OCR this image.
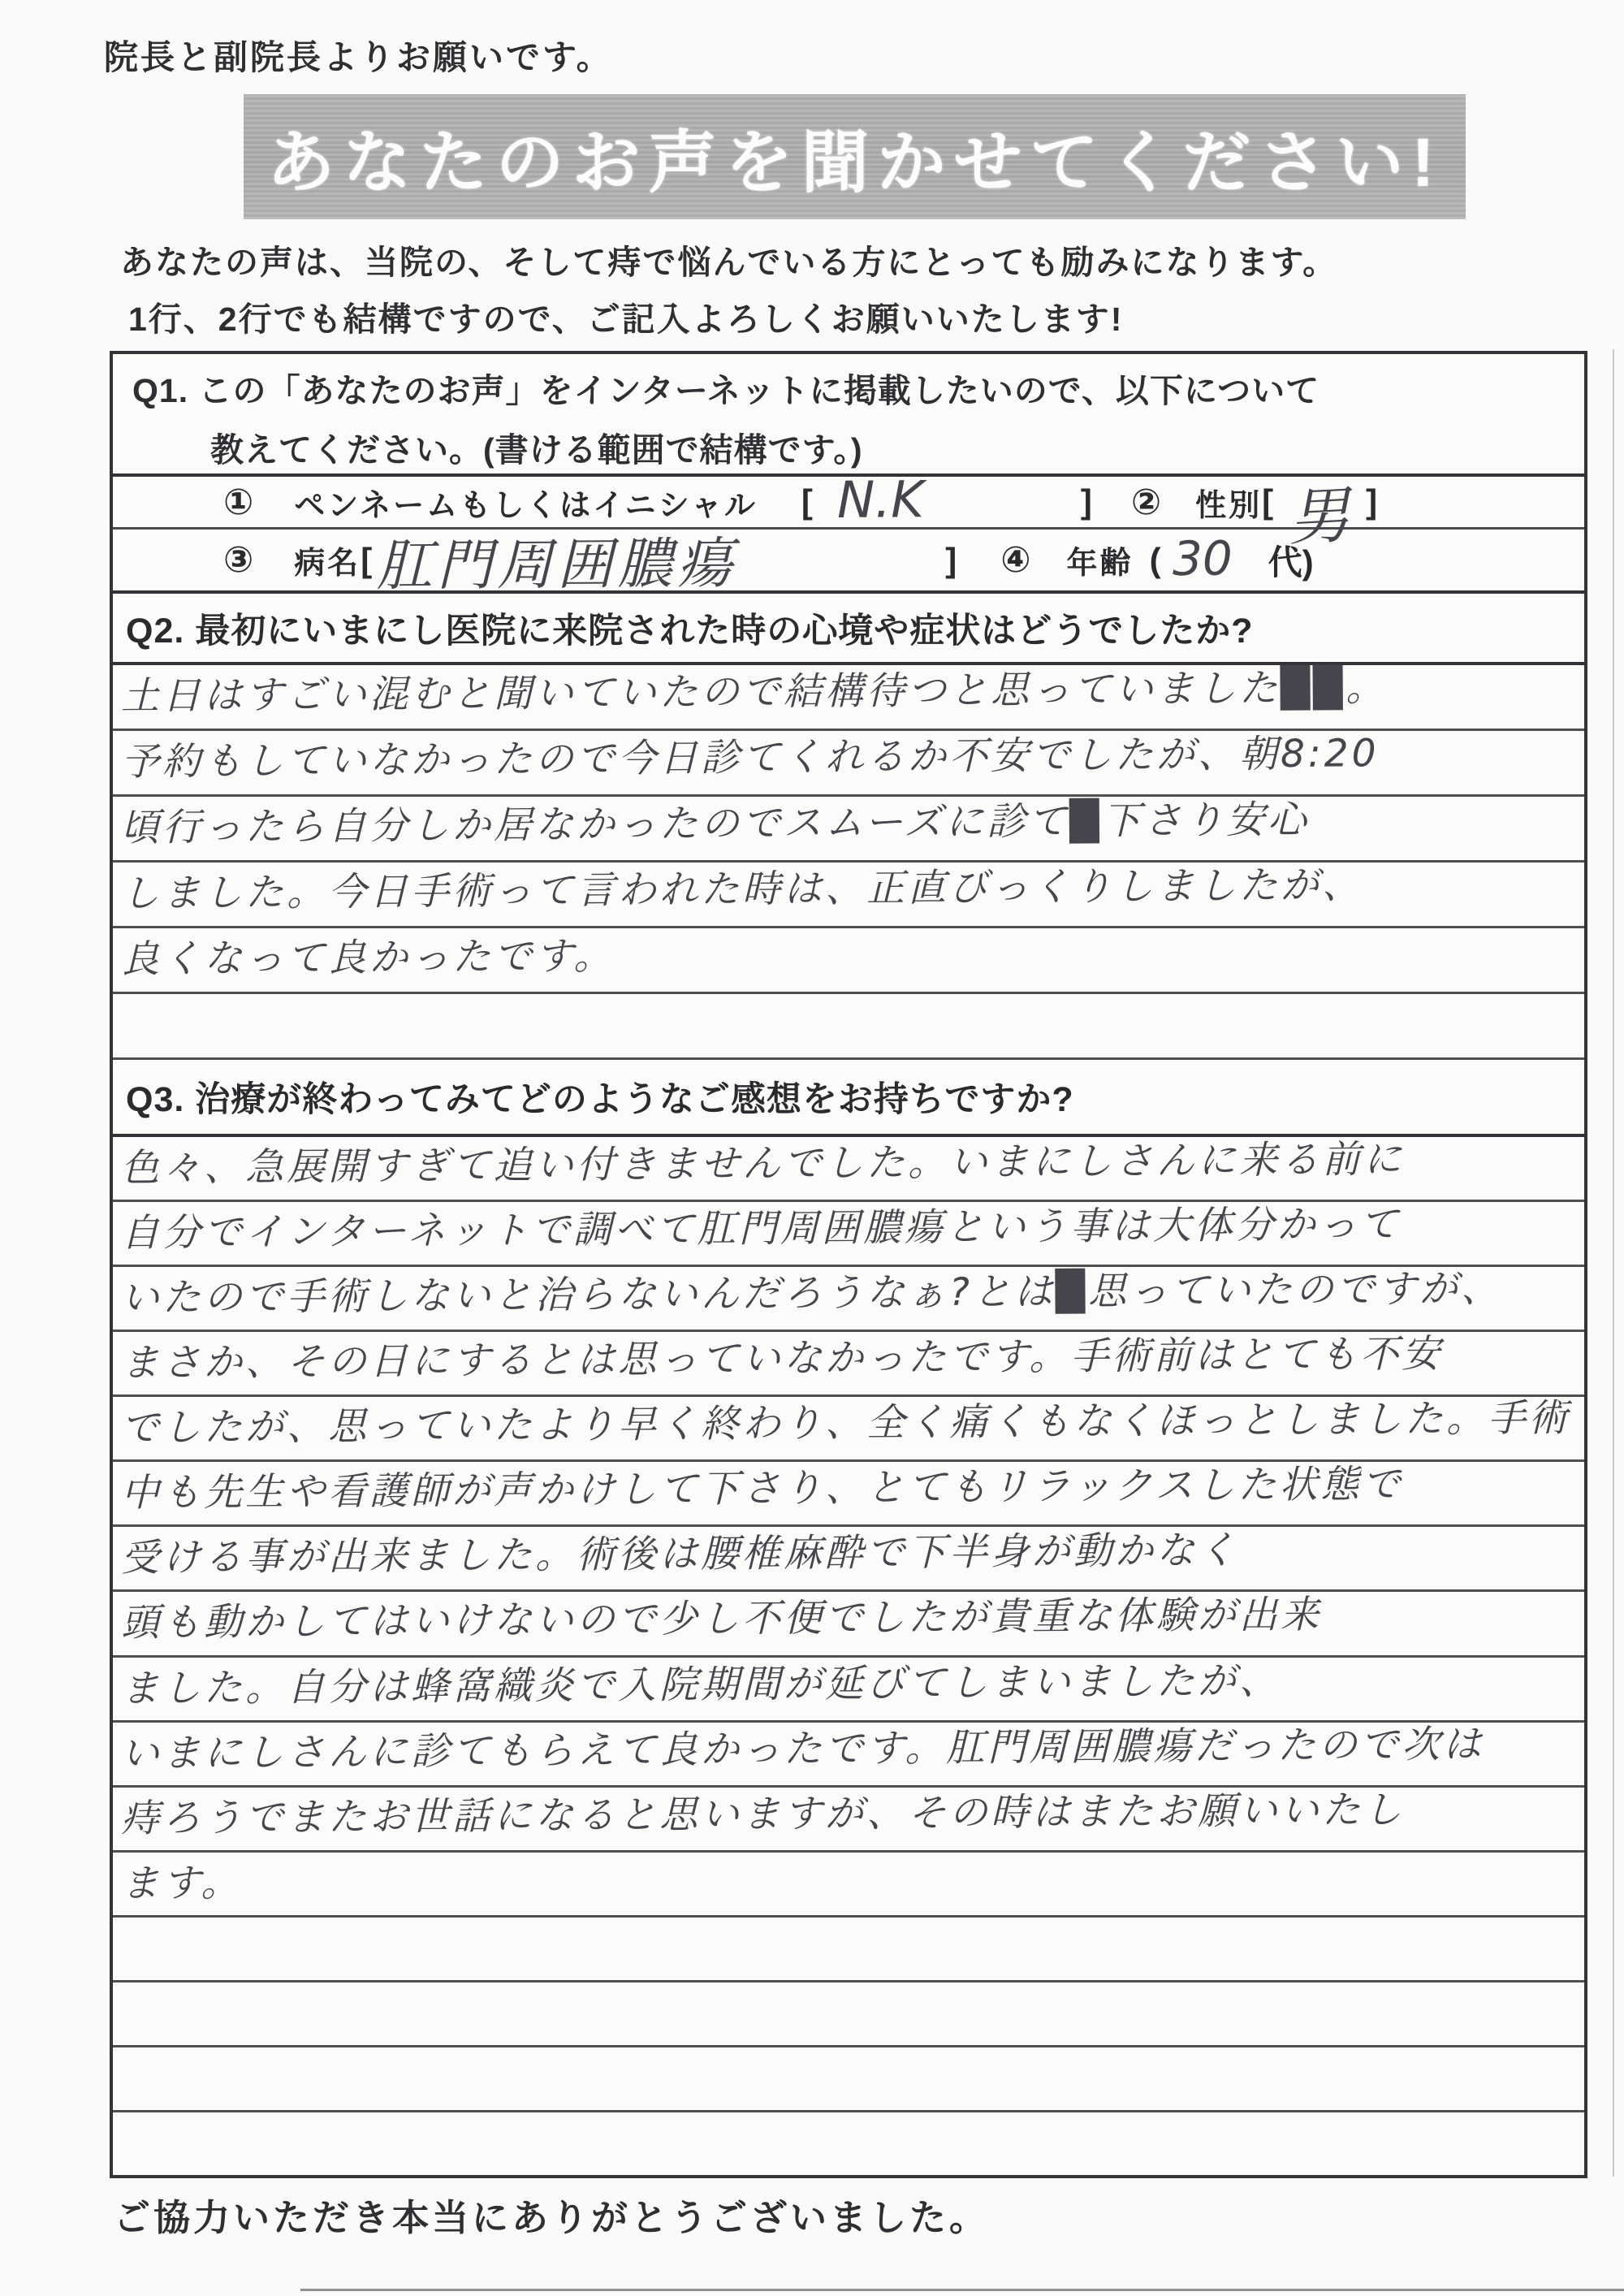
院長と副院長よりお願いです。
あなたのお声を聞かせてください!
あなたの声は、当院の、そして痔で悩んでいる方にとっても励みになります。
1行、2行でも結構ですので、ご記入よろしくお願いいたします!
Q1. この「あなたのお声」をインターネットに掲載したいので、以下について
教えてください。(書ける範囲で結構です。)
① ペンネームもしくはイニシャル [ N.K	] ② 性別 [ 男 ]
③ 病名 [ 肛門周囲膿瘍	] ④ 年齢 ( 30	代)
Q2. 最初にいまにし医院に来院された時の心境や症状はどうでしたか?
土日はすごい混むと聞いていたので結構待つと思っていました██。
予約もしていなかったので今日診てくれるか不安でしたが、朝8:20
頃行ったら自分しか居なかったのでスムーズに診て█下さり安心
しました。今日手術って言われた時は、正直びっくりしましたが、
良くなって良かったです。
Q3. 治療が終わってみてどのようなご感想をお持ちですか?
色々、急展開すぎて追い付きませんでした。いまにしさんに来る前に
自分でインターネットで調べて肛門周囲膿瘍という事は大体分かって
いたので手術しないと治らないんだろうなぁ?とは█思っていたのですが、
まさか、その日にするとは思っていなかったです。手術前はとても不安
でしたが、思っていたより早く終わり、全く痛くもなくほっとしました。手術
中も先生や看護師が声かけして下さり、とてもリラックスした状態で
受ける事が出来ました。術後は腰椎麻酔で下半身が動かなく
頭も動かしてはいけないので少し不便でしたが貴重な体験が出来
ました。自分は蜂窩織炎で入院期間が延びてしまいましたが、
いまにしさんに診てもらえて良かったです。肛門周囲膿瘍だったので次は
痔ろうでまたお世話になると思いますが、その時はまたお願いいたし
ます。
ご協力いただき本当にありがとうございました。
